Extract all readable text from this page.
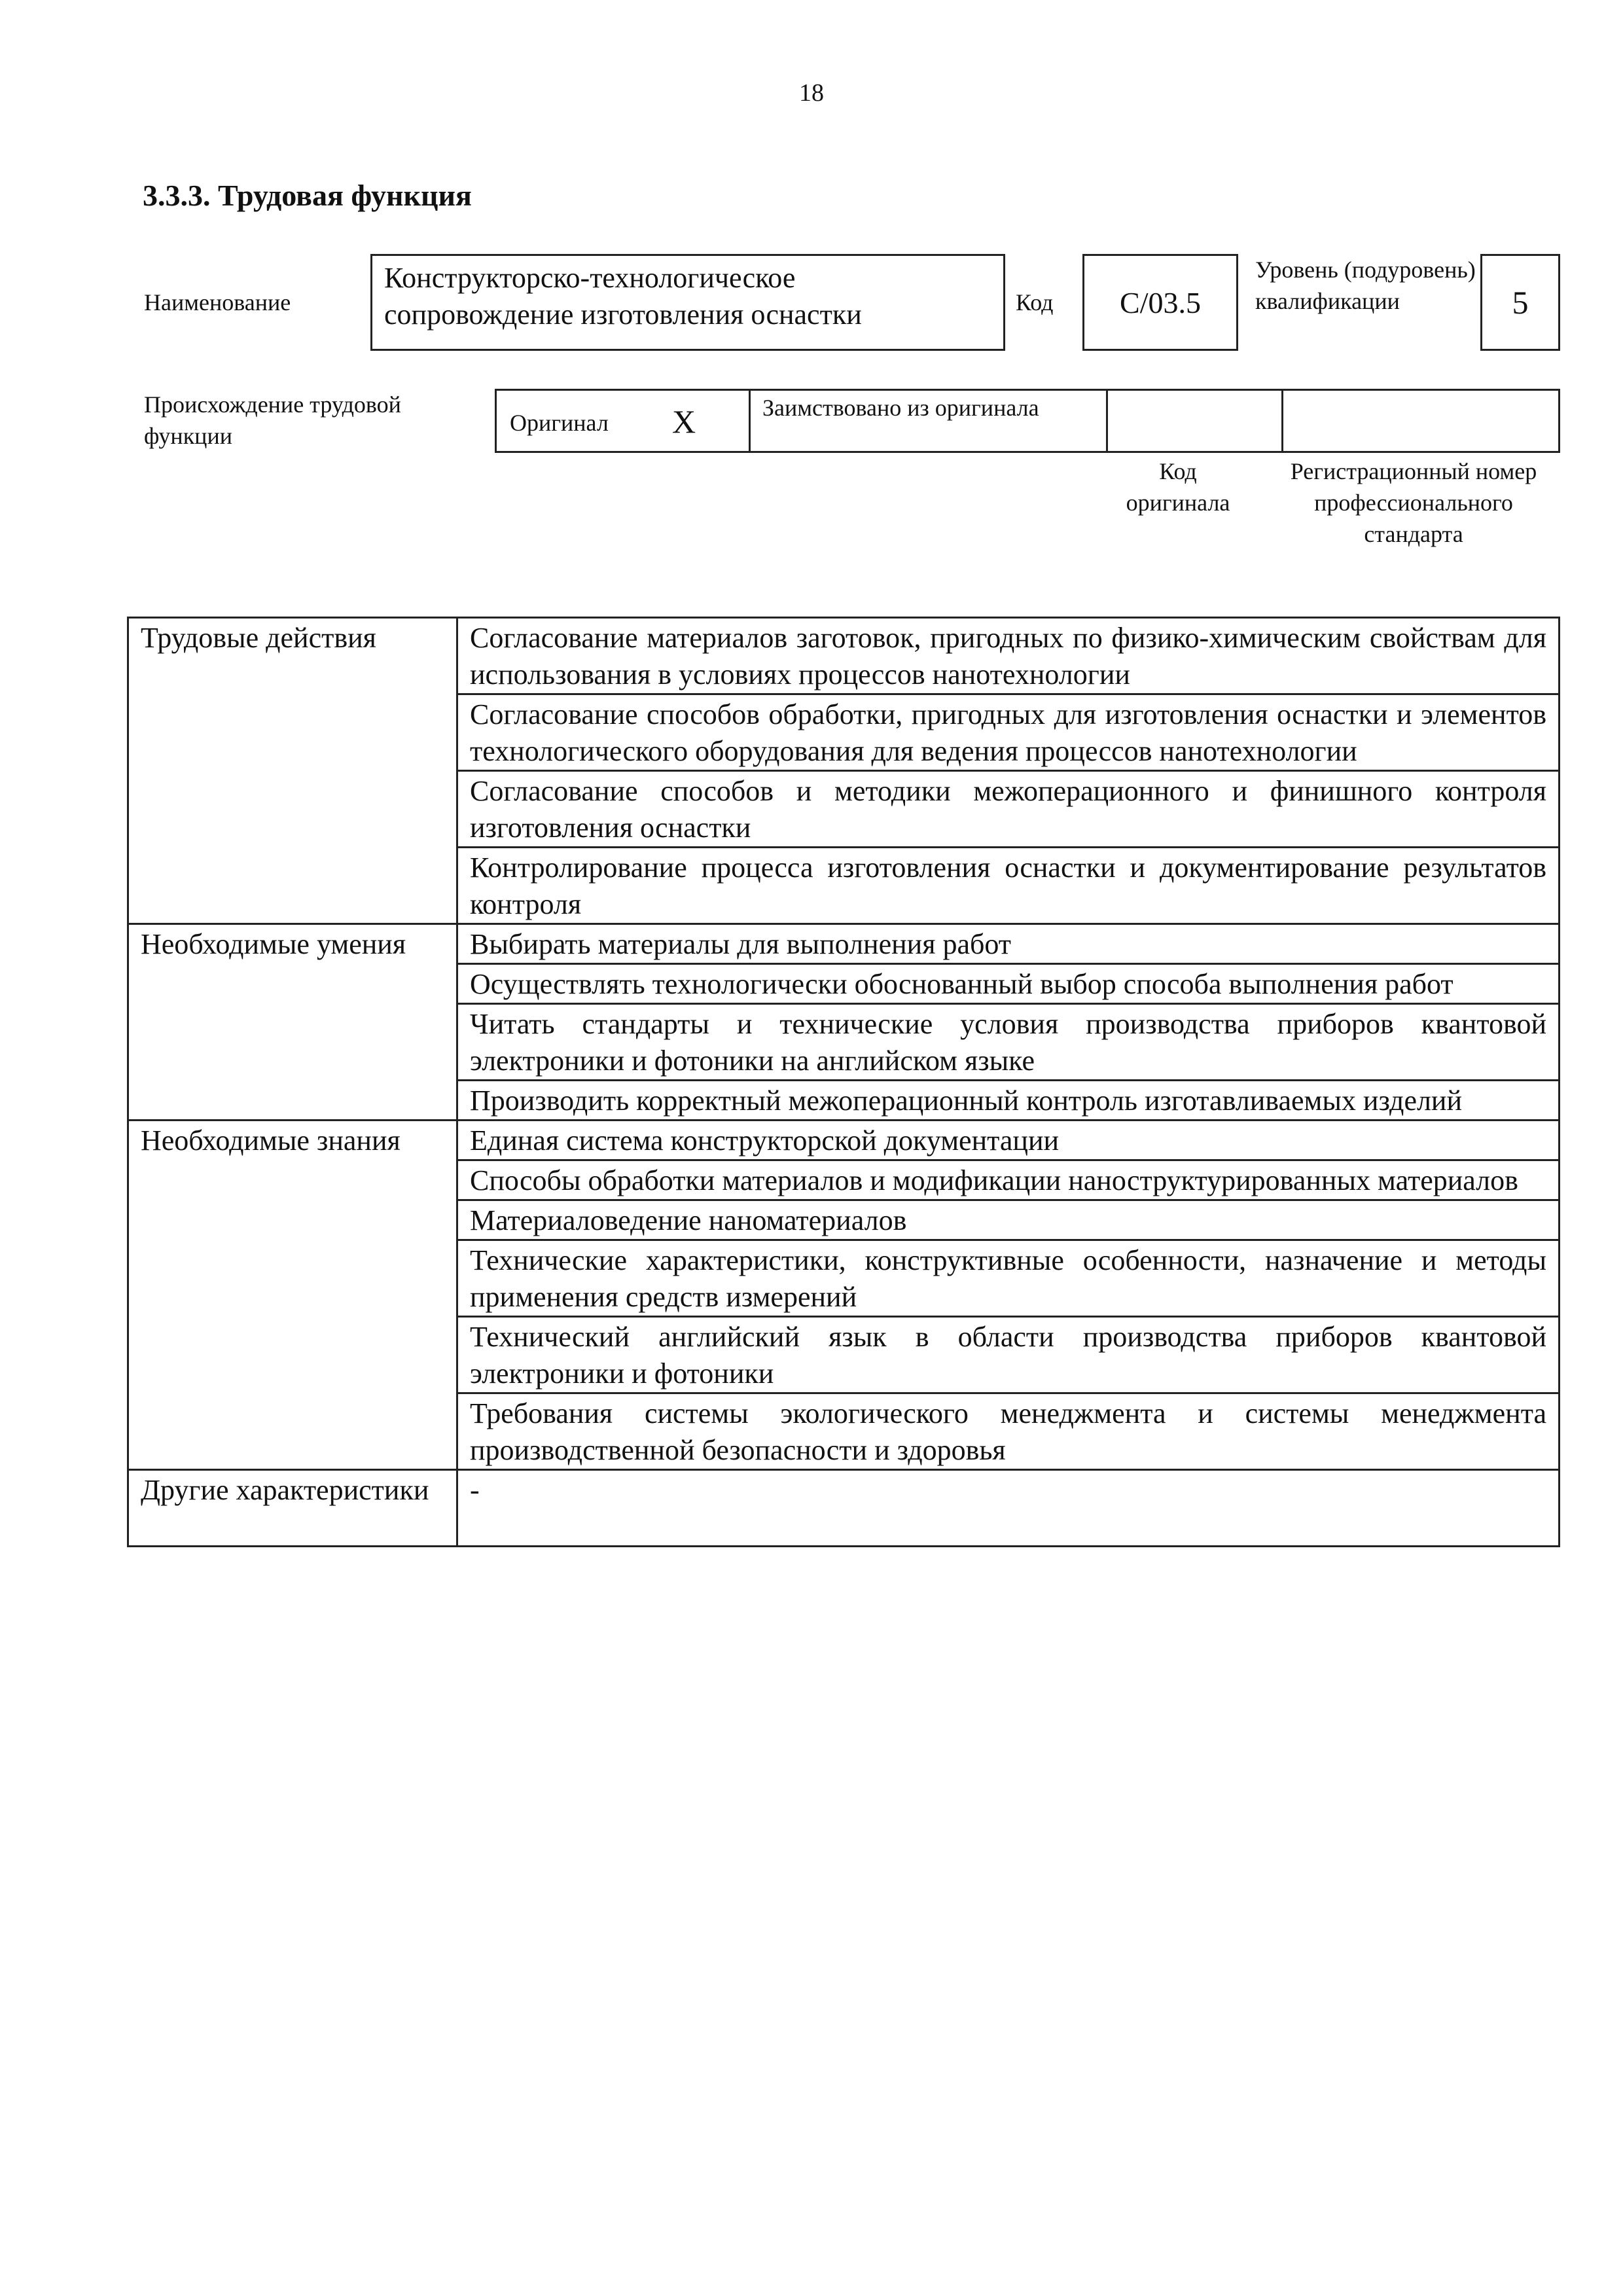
18
3.3.3. Трудовая функция
Наименование
Конструкторско-технологическое сопровождение изготовления оснастки	Код C/03.5
Уровень (подуровень) квалификации	5
Происхождение трудовой функции	Оригинал X	Заимствовано из оригинала
Код оригинала
Регистрационный номер профессионального стандарта
Трудовые действия	Согласование материалов заготовок, пригодных по физико-химическим свойствам для использования в условиях процессов нанотехнологии
	Согласование способов обработки, пригодных для изготовления оснастки и элементов технологического оборудования для ведения процессов нанотехнологии
	Согласование способов и методики межоперационного и финишного контроля изготовления оснастки
	Контролирование процесса изготовления оснастки и документирование результатов контроля
Необходимые умения	Выбирать материалы для выполнения работ
	Осуществлять технологически обоснованный выбор способа выполнения работ
	Читать стандарты и технические условия производства приборов квантовой электроники и фотоники на английском языке
	Производить корректный межоперационный контроль изготавливаемых изделий
Необходимые знания	Единая система конструкторской документации
	Способы обработки материалов и модификации наноструктурированных материалов
	Материаловедение наноматериалов
	Технические характеристики, конструктивные особенности, назначение и методы применения средств измерений
	Технический английский язык в области производства приборов квантовой электроники и фотоники
	Требования системы экологического менеджмента и системы менеджмента производственной безопасности и здоровья
Другие характеристики	-
